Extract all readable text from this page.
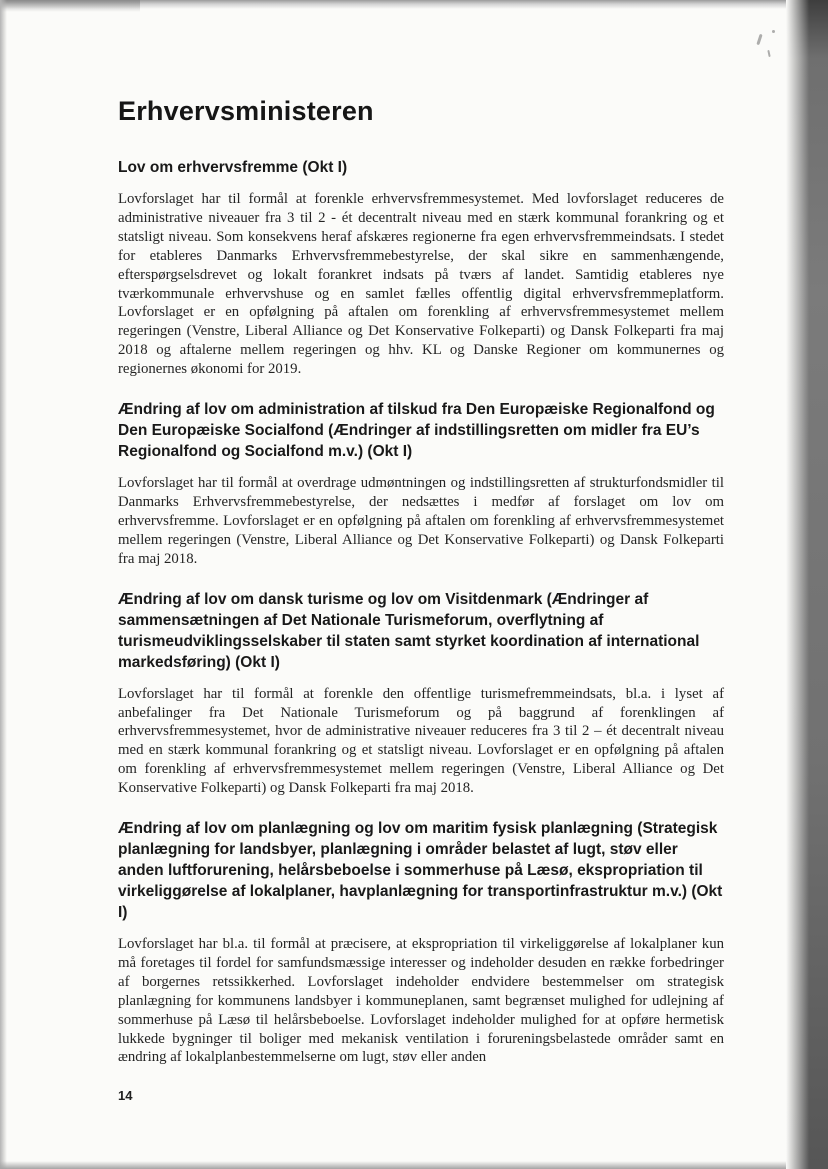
Erhvervsministeren
Lov om erhvervsfremme (Okt I)

Lovforslaget har til formål at forenkle erhvervsfremmesystemet. Med lovforslaget reduceres de administrative niveauer fra 3 til 2 - ét decentralt niveau med en stærk kommunal forankring og et statsligt niveau. Som konsekvens heraf afskæres regionerne fra egen erhvervsfremmeindsats. I stedet for etableres Danmarks Erhvervsfremmebestyrelse, der skal sikre en sammenhængende, efterspørgselsdrevet og lokalt forankret indsats på tværs af landet. Samtidig etableres nye tværkommunale erhvervshuse og en samlet fælles offentlig digital erhvervsfremmeplatform. Lovforslaget er en opfølgning på aftalen om forenkling af erhvervsfremmesystemet mellem regeringen (Venstre, Liberal Alliance og Det Konservative Folkeparti) og Dansk Folkeparti fra maj 2018 og aftalerne mellem regeringen og hhv. KL og Danske Regioner om kommunernes og regionernes økonomi for 2019.

Ændring af lov om administration af tilskud fra Den Europæiske Regionalfond og Den Europæiske Socialfond (Ændringer af indstillingsretten om midler fra EU’s Regionalfond og Socialfond m.v.) (Okt I)

Lovforslaget har til formål at overdrage udmøntningen og indstillingsretten af strukturfondsmidler til Danmarks Erhvervsfremmebestyrelse, der nedsættes i medfør af forslaget om lov om erhvervsfremme. Lovforslaget er en opfølgning på aftalen om forenkling af erhvervsfremmesystemet mellem regeringen (Venstre, Liberal Alliance og Det Konservative Folkeparti) og Dansk Folkeparti fra maj 2018.

Ændring af lov om dansk turisme og lov om Visitdenmark (Ændringer af sammensætningen af Det Nationale Turismeforum, overflytning af turismeudviklingsselskaber til staten samt styrket koordination af international markedsføring) (Okt I)

Lovforslaget har til formål at forenkle den offentlige turismefremmeindsats, bl.a. i lyset af anbefalinger fra Det Nationale Turismeforum og på baggrund af forenklingen af erhvervsfremmesystemet, hvor de administrative niveauer reduceres fra 3 til 2 – ét decentralt niveau med en stærk kommunal forankring og et statsligt niveau. Lovforslaget er en opfølgning på aftalen om forenkling af erhvervsfremmesystemet mellem regeringen (Venstre, Liberal Alliance og Det Konservative Folkeparti) og Dansk Folkeparti fra maj 2018.

Ændring af lov om planlægning og lov om maritim fysisk planlægning (Strategisk planlægning for landsbyer, planlægning i områder belastet af lugt, støv eller anden luftforurening, helårsbeboelse i sommerhuse på Læsø, ekspropriation til virkeliggørelse af lokalplaner, havplanlægning for transportinfrastruktur m.v.) (Okt I)

Lovforslaget har bl.a. til formål at præcisere, at ekspropriation til virkeliggørelse af lokalplaner kun må foretages til fordel for samfundsmæssige interesser og indeholder desuden en række forbedringer af borgernes retssikkerhed. Lovforslaget indeholder endvidere bestemmelser om strategisk planlægning for kommunens landsbyer i kommuneplanen, samt begrænset mulighed for udlejning af sommerhuse på Læsø til helårsbeboelse. Lovforslaget indeholder mulighed for at opføre hermetisk lukkede bygninger til boliger med mekanisk ventilation i forureningsbelastede områder samt en ændring af lokalplanbestemmelserne om lugt, støv eller anden

14
